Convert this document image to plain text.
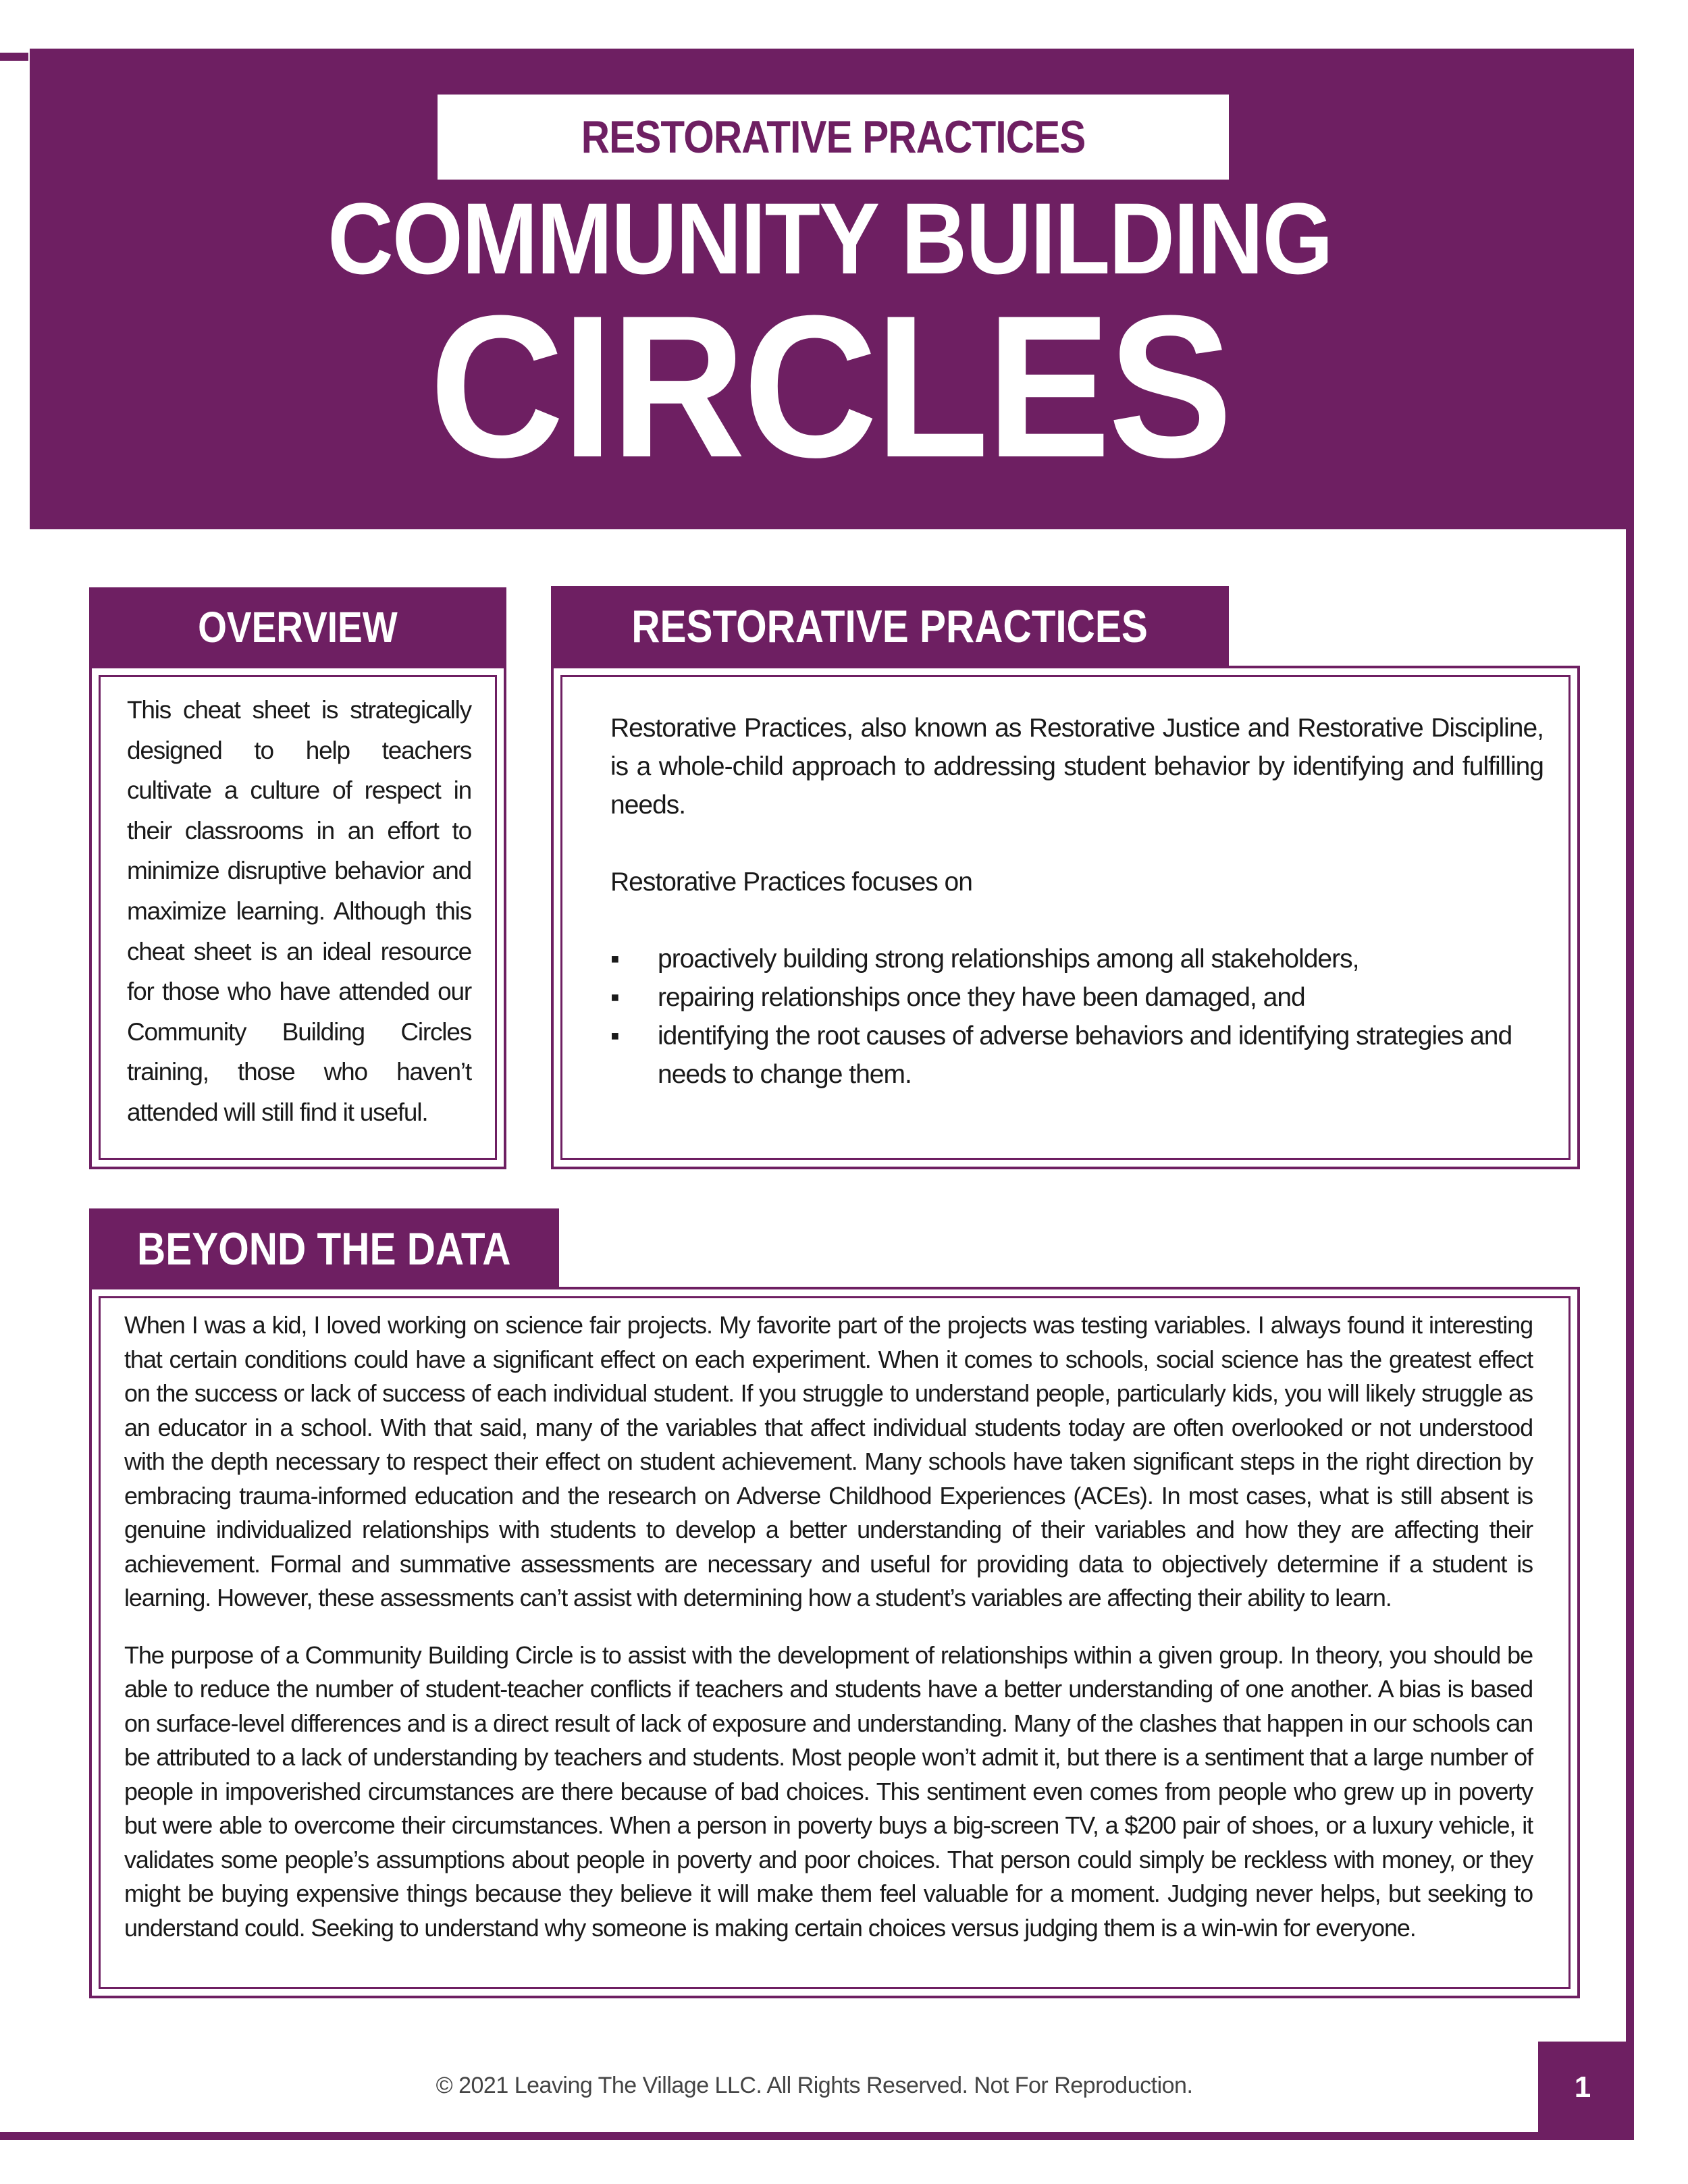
RESTORATIVE PRACTICES
COMMUNITY BUILDING
CIRCLES
OVERVIEW
This cheat sheet is strategically designed to help teachers cultivate a culture of respect in their classrooms in an effort to minimize disruptive behavior and maximize learning. Although this cheat sheet is an ideal resource for those who have attended our Community Building Circles training, those who haven’t attended will still find it useful.
RESTORATIVE PRACTICES

Restorative Practices, also known as Restorative Justice and Restorative Discipline, is a whole-child approach to addressing student behavior by identifying and fulfilling needs.

Restorative Practices focuses on

▪ proactively building strong relationships among all stakeholders,

▪ repairing relationships once they have been damaged, and

▪ identifying the root causes of adverse behaviors and identifying strategies and needs to change them.

BEYOND THE DATA

When I was a kid, I loved working on science fair projects. My favorite part of the projects was testing variables. I always found it interesting that certain conditions could have a significant effect on each experiment. When it comes to schools, social science has the greatest effect on the success or lack of success of each individual student. If you struggle to understand people, particularly kids, you will likely struggle as an educator in a school. With that said, many of the variables that affect individual students today are often overlooked or not understood with the depth necessary to respect their effect on student achievement. Many schools have taken significant steps in the right direction by embracing trauma-informed education and the research on Adverse Childhood Experiences (ACEs). In most cases, what is still absent is genuine individualized relationships with students to develop a better understanding of their variables and how they are affecting their achievement. Formal and summative assessments are necessary and useful for providing data to objectively determine if a student is learning. However, these assessments can’t assist with determining how a student’s variables are affecting their ability to learn.

The purpose of a Community Building Circle is to assist with the development of relationships within a given group. In theory, you should be able to reduce the number of student-teacher conflicts if teachers and students have a better understanding of one another. A bias is based on surface-level differences and is a direct result of lack of exposure and understanding. Many of the clashes that happen in our schools can be attributed to a lack of understanding by teachers and students. Most people won’t admit it, but there is a sentiment that a large number of people in impoverished circumstances are there because of bad choices. This sentiment even comes from people who grew up in poverty but were able to overcome their circumstances. When a person in poverty buys a big-screen TV, a $200 pair of shoes, or a luxury vehicle, it validates some people’s assumptions about people in poverty and poor choices. That person could simply be reckless with money, or they might be buying expensive things because they believe it will make them feel valuable for a moment. Judging never helps, but seeking to understand could. Seeking to understand why someone is making certain choices versus judging them is a win-win for everyone.

© 2021 Leaving The Village LLC. All Rights Reserved. Not For Reproduction.	1
